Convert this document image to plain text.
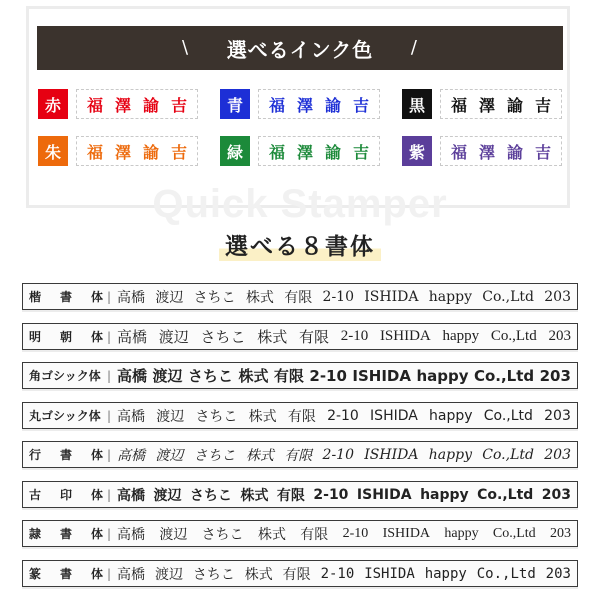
\ 選べるインク色 /
赤	福 澤 諭 吉	青	福 澤 諭 吉	黒	福 澤 諭 吉
朱	福 澤 諭 吉	緑	福 澤 諭 吉	紫	福 澤 諭 吉
Quick Stamper
選べる８書体
楷 書 体 | 高橋 渡辺 さちこ 株式 有限 2-10 ISHIDA happy Co.,Ltd 203
明 朝 体 | 高橋 渡辺 さちこ 株式 有限 2-10 ISHIDA happy Co.,Ltd 203
角ゴシック体 | 高橋 渡辺 さちこ 株式 有限 2-10 ISHIDA happy Co.,Ltd 203
丸ゴシック体 | 高橋 渡辺 さちこ 株式 有限 2-10 ISHIDA happy Co.,Ltd 203
行 書 体 | 高橋 渡辺 さちこ 株式 有限 2-10 ISHIDA happy Co.,Ltd 203
古 印 体 | 高橋 渡辺 さちこ 株式 有限 2-10 ISHIDA happy Co.,Ltd 203
隷 書 体 | 高橋 渡辺 さちこ 株式 有限 2-10 ISHIDA happy Co.,Ltd 203
篆 書 体 | 高橋 渡辺 さちこ 株式 有限 2-10 ISHIDA happy Co.,Ltd 203
